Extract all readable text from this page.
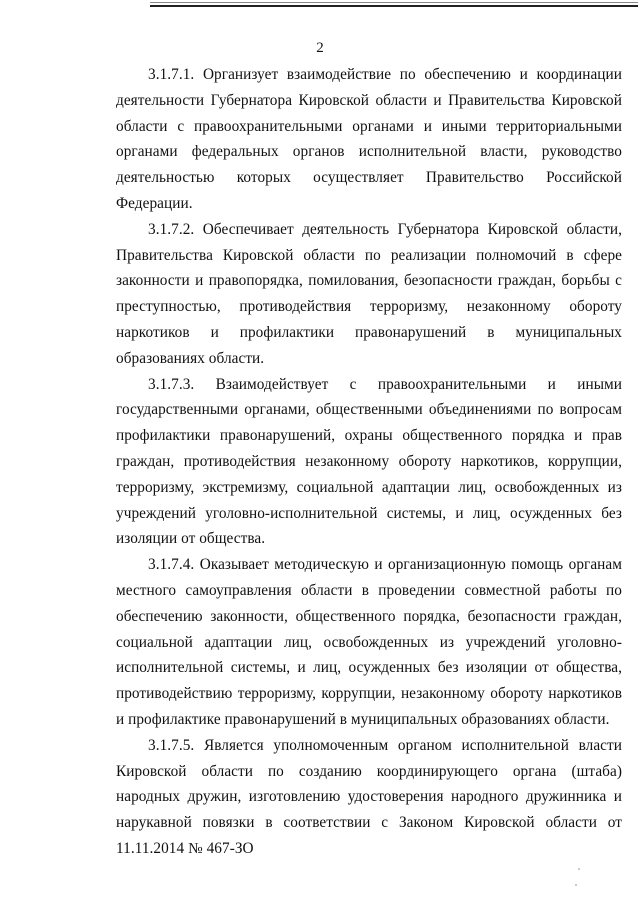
2

3.1.7.1. Организует взаимодействие по обеспечению и координации деятельности Губернатора Кировской области и Правительства Кировской области с правоохранительными органами и иными территориальными органами федеральных органов исполнительной власти, руководство деятельностью которых осуществляет Правительство Российской Федерации.

3.1.7.2. Обеспечивает деятельность Губернатора Кировской области, Правительства Кировской области по реализации полномочий в сфере законности и правопорядка, помилования, безопасности граждан, борьбы с преступностью, противодействия терроризму, незаконному обороту наркотиков и профилактики правонарушений в муниципальных образованиях области.

3.1.7.3. Взаимодействует с правоохранительными и иными государственными органами, общественными объединениями по вопросам профилактики правонарушений, охраны общественного порядка и прав граждан, противодействия незаконному обороту наркотиков, коррупции, терроризму, экстремизму, социальной адаптации лиц, освобожденных из учреждений уголовно-исполнительной системы, и лиц, осужденных без изоляции от общества.

3.1.7.4. Оказывает методическую и организационную помощь органам местного самоуправления области в проведении совместной работы по обеспечению законности, общественного порядка, безопасности граждан, социальной адаптации лиц, освобожденных из учреждений уголовно-исполнительной системы, и лиц, осужденных без изоляции от общества, противодействию терроризму, коррупции, незаконному обороту наркотиков и профилактике правонарушений в муниципальных образованиях области.

3.1.7.5. Является уполномоченным органом исполнительной власти Кировской области по созданию координирующего органа (штаба) народных дружин, изготовлению удостоверения народного дружинника и нарукавной повязки в соответствии с Законом Кировской области от 11.11.2014 № 467-ЗО
